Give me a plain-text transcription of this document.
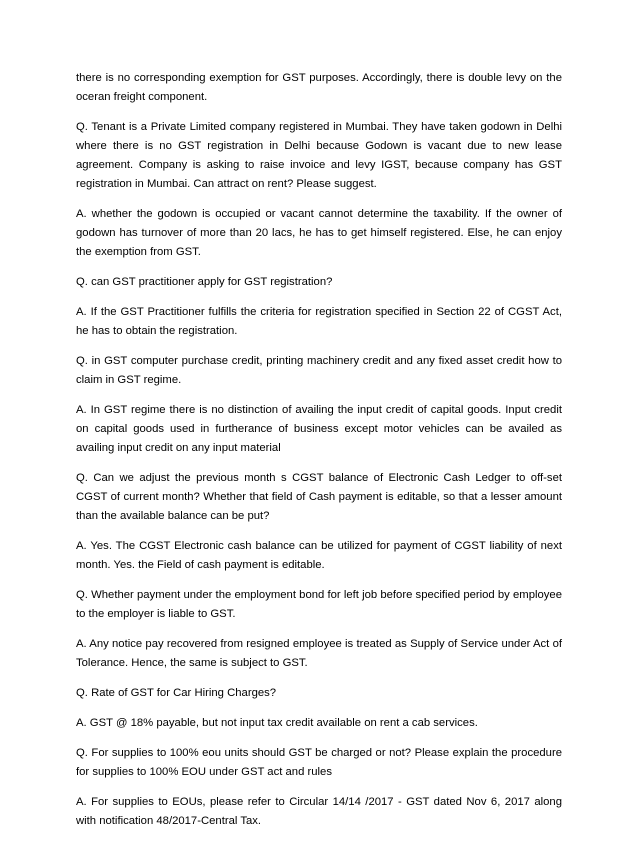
there is no corresponding exemption for GST purposes. Accordingly, there is double levy on the oceran freight component.

Q. Tenant is a Private Limited company registered in Mumbai. They have taken godown in Delhi where there is no GST registration in Delhi because Godown is vacant due to new lease agreement. Company is asking to raise invoice and levy IGST, because company has GST registration in Mumbai. Can attract on rent? Please suggest.

A. whether the godown is occupied or vacant cannot determine the taxability. If the owner of godown has turnover of more than 20 lacs, he has to get himself registered. Else, he can enjoy the exemption from GST.

Q. can GST practitioner apply for GST registration?

A. If the GST Practitioner fulfills the criteria for registration specified in Section 22 of CGST Act, he has to obtain the registration.

Q. in GST computer purchase credit, printing machinery credit and any fixed asset credit how to claim in GST regime.

A. In GST regime there is no distinction of availing the input credit of capital goods. Input credit on capital goods used in furtherance of business except motor vehicles can be availed as availing input credit on any input material

Q. Can we adjust the previous month s CGST balance of Electronic Cash Ledger to off-set CGST of current month? Whether that field of Cash payment is editable, so that a lesser amount than the available balance can be put?

A. Yes. The CGST Electronic cash balance can be utilized for payment of CGST liability of next month. Yes. the Field of cash payment is editable.

Q. Whether payment under the employment bond for left job before specified period by employee to the employer is liable to GST.

A. Any notice pay recovered from resigned employee is treated as Supply of Service under Act of Tolerance. Hence, the same is subject to GST.

Q. Rate of GST for Car Hiring Charges?

A. GST @ 18% payable, but not input tax credit available on rent a cab services.

Q. For supplies to 100% eou units should GST be charged or not? Please explain the procedure for supplies to 100% EOU under GST act and rules

A. For supplies to EOUs, please refer to Circular 14/14 /2017 - GST dated Nov 6, 2017 along with notification 48/2017-Central Tax.
